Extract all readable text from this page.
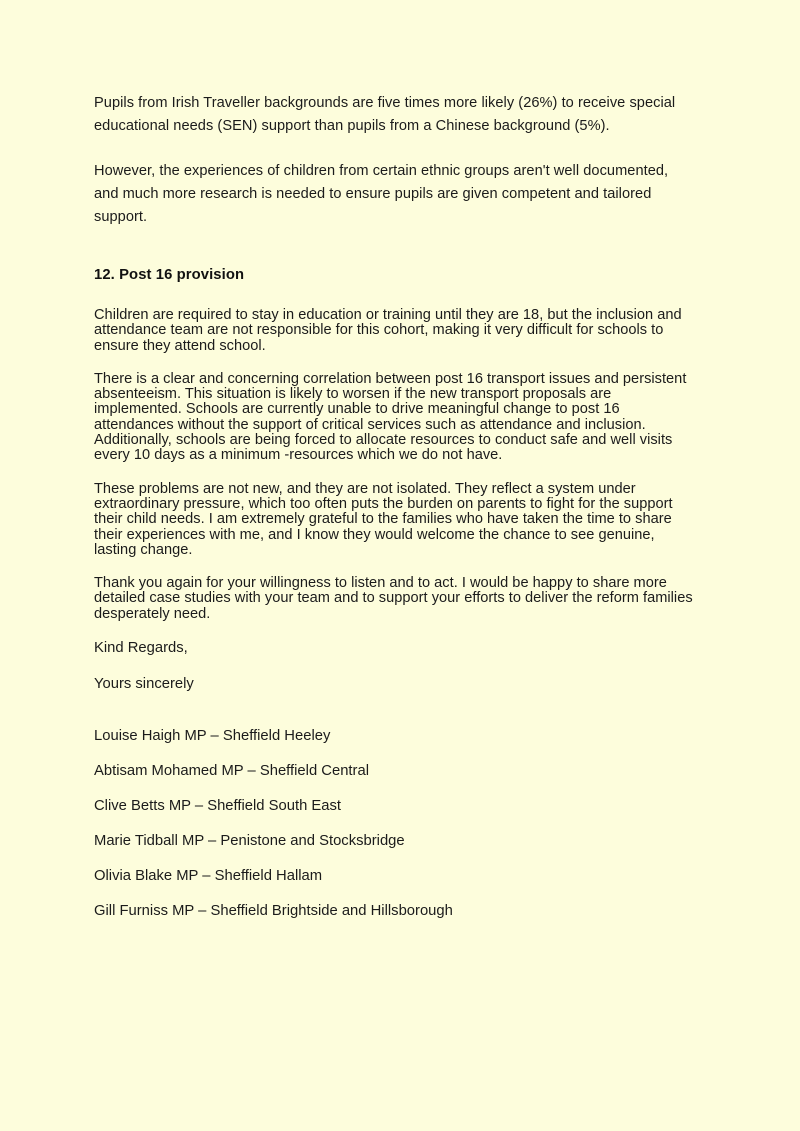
Pupils from Irish Traveller backgrounds are five times more likely (26%) to receive special educational needs (SEN) support than pupils from a Chinese background (5%).

However, the experiences of children from certain ethnic groups aren't well documented, and much more research is needed to ensure pupils are given competent and tailored support.

12. Post 16 provision

Children are required to stay in education or training until they are 18, but the inclusion and attendance team are not responsible for this cohort, making it very difficult for schools to ensure they attend school.

There is a clear and concerning correlation between post 16 transport issues and persistent absenteeism. This situation is likely to worsen if the new transport proposals are implemented. Schools are currently unable to drive meaningful change to post 16 attendances without the support of critical services such as attendance and inclusion. Additionally, schools are being forced to allocate resources to conduct safe and well visits every 10 days as a minimum -resources which we do not have.

These problems are not new, and they are not isolated. They reflect a system under extraordinary pressure, which too often puts the burden on parents to fight for the support their child needs. I am extremely grateful to the families who have taken the time to share their experiences with me, and I know they would welcome the chance to see genuine, lasting change.

Thank you again for your willingness to listen and to act. I would be happy to share more detailed case studies with your team and to support your efforts to deliver the reform families desperately need.

Kind Regards,

Yours sincerely

Louise Haigh MP – Sheffield Heeley
Abtisam Mohamed MP – Sheffield Central
Clive Betts MP – Sheffield South East
Marie Tidball MP – Penistone and Stocksbridge
Olivia Blake MP – Sheffield Hallam
Gill Furniss MP – Sheffield Brightside and Hillsborough
